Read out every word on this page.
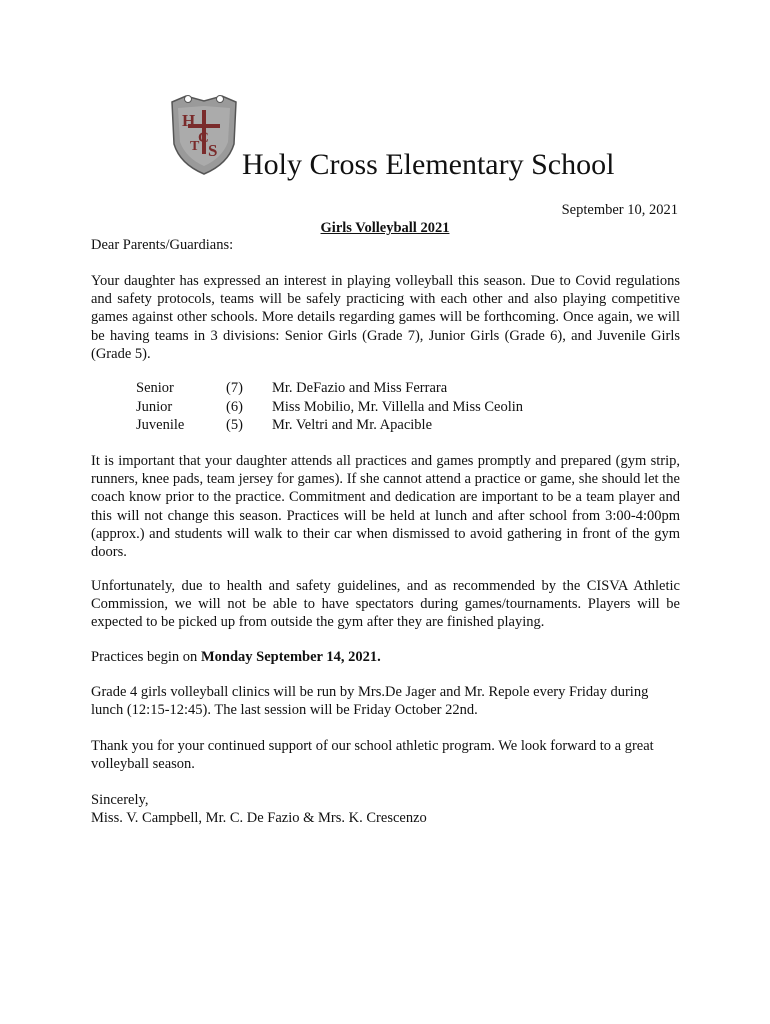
H
C
T S Holy Cross Elementary School
September 10, 2021
Girls Volleyball 2021
Dear Parents/Guardians:

Your daughter has expressed an interest in playing volleyball this season. Due to Covid regulations and safety protocols, teams will be safely practicing with each other and also playing competitive games against other schools. More details regarding games will be forthcoming. Once again, we will be having teams in 3 divisions: Senior Girls (Grade 7), Junior Girls (Grade 6), and Juvenile Girls (Grade 5).

Senior	(7)	Mr. DeFazio and Miss Ferrara
Junior	(6)	Miss Mobilio, Mr. Villella and Miss Ceolin
Juvenile	(5)	Mr. Veltri and Mr. Apacible

It is important that your daughter attends all practices and games promptly and prepared (gym strip, runners, knee pads, team jersey for games). If she cannot attend a practice or game, she should let the coach know prior to the practice. Commitment and dedication are important to be a team player and this will not change this season. Practices will be held at lunch and after school from 3:00-4:00pm (approx.) and students will walk to their car when dismissed to avoid gathering in front of the gym doors.

Unfortunately, due to health and safety guidelines, and as recommended by the CISVA Athletic Commission, we will not be able to have spectators during games/tournaments. Players will be expected to be picked up from outside the gym after they are finished playing.

Practices begin on Monday September 14, 2021.

Grade 4 girls volleyball clinics will be run by Mrs.De Jager and Mr. Repole every Friday during lunch (12:15-12:45). The last session will be Friday October 22nd.

Thank you for your continued support of our school athletic program. We look forward to a great volleyball season.

Sincerely,
Miss. V. Campbell, Mr. C. De Fazio & Mrs. K. Crescenzo
